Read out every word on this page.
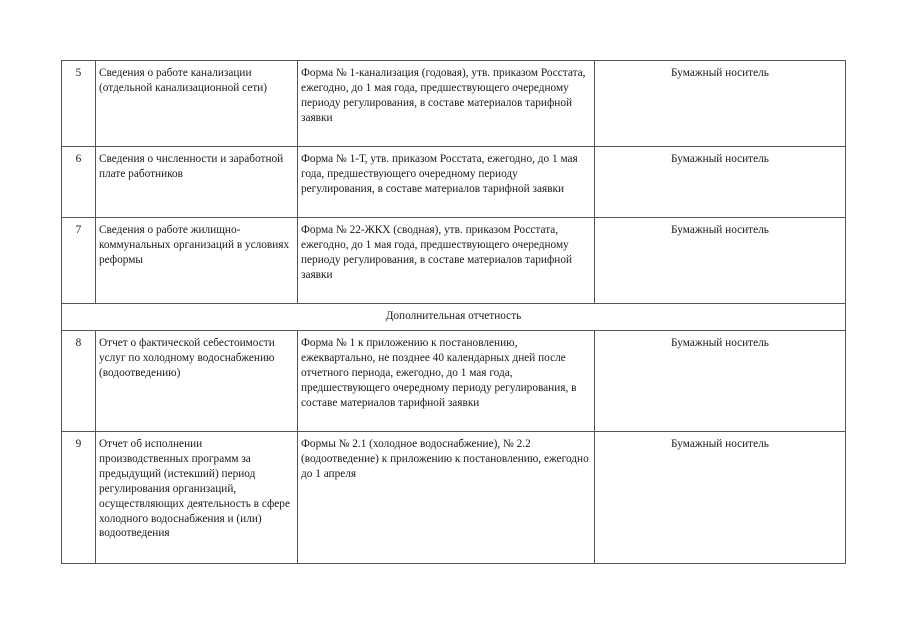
5	Сведения о работе канализации (отдельной канализационной сети)	Форма № 1-канализация (годовая), утв. приказом Росстата, ежегодно, до 1 мая года, предшествующего очередному периоду регулирования, в составе материалов тарифной заявки	Бумажный носитель
6	Сведения о численности и заработной плате работников	Форма № 1-Т, утв. приказом Росстата, ежегодно, до 1 мая года, предшествующего очередному периоду регулирования, в составе материалов тарифной заявки	Бумажный носитель
7	Сведения о работе жилищно-коммунальных организаций в условиях реформы	Форма № 22-ЖКХ (сводная), утв. приказом Росстата, ежегодно, до 1 мая года, предшествующего очередному периоду регулирования, в составе материалов тарифной заявки	Бумажный носитель
Дополнительная отчетность			
8	Отчет о фактической себестоимости услуг по холодному водоснабжению (водоотведению)	Форма № 1 к приложению к постановлению, ежеквартально, не позднее 40 календарных дней после отчетного периода, ежегодно, до 1 мая года, предшествующего очередному периоду регулирования, в составе материалов тарифной заявки	Бумажный носитель
9	Отчет об исполнении производственных программ за предыдущий (истекший) период регулирования организаций, осуществляющих деятельность в сфере холодного водоснабжения и (или) водоотведения	Формы № 2.1 (холодное водоснабжение), № 2.2 (водоотведение) к приложению к постановлению, ежегодно до 1 апреля	Бумажный носитель
